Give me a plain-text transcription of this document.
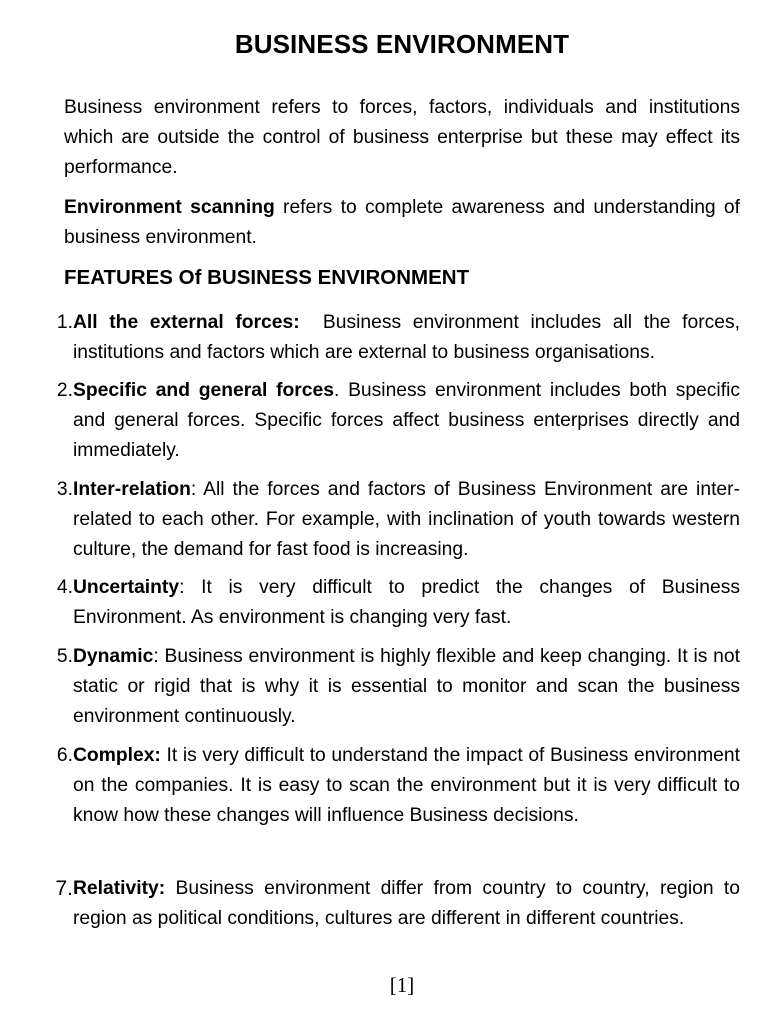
BUSINESS ENVIRONMENT

Business environment refers to forces, factors, individuals and institutions which are outside the control of business enterprise but these may effect its performance.

Environment scanning refers to complete awareness and understanding of business environment.

FEATURES Of BUSINESS ENVIRONMENT
1. All the external forces:  Business environment includes all the forces, institutions and factors which are external to business organisations.

2. Specific and general forces. Business environment includes both specific and general forces. Specific forces affect business enterprises directly and immediately.

3. Inter-relation: All the forces and factors of Business Environment are inter-related to each other. For example, with inclination of youth towards western culture, the demand for fast food is increasing.

4. Uncertainty: It is very difficult to predict the changes of Business Environment. As environment is changing very fast.

5. Dynamic: Business environment is highly flexible and keep changing. It is not static or rigid that is why it is essential to monitor and scan the business environment continuously.

6. Complex: It is very difficult to understand the impact of Business environment on the companies. It is easy to scan the environment but it is very difficult to know how these changes will influence Business decisions.

7. Relativity: Business environment differ from country to country, region to region as political conditions, cultures are different in different countries.

[1]
